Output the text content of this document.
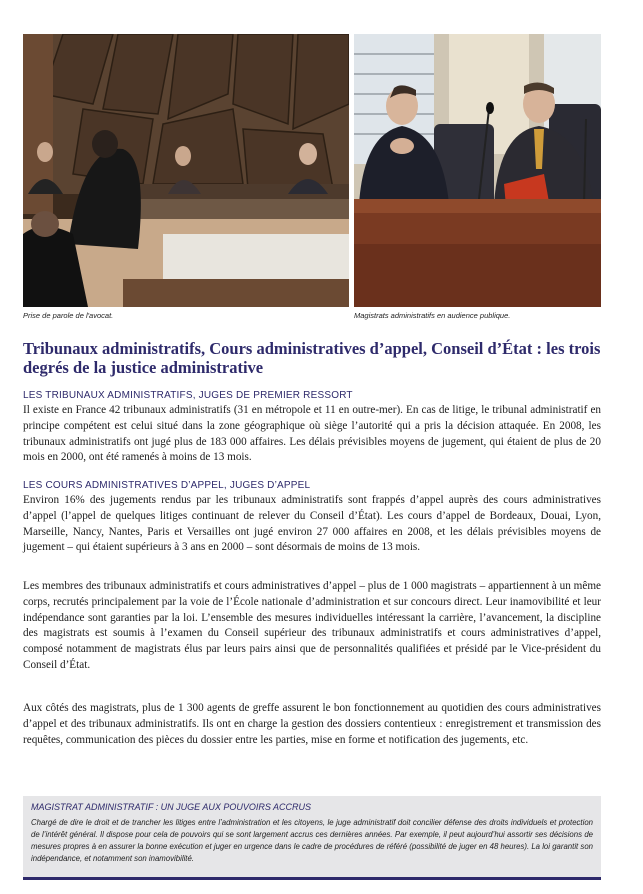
Prise de parole de l'avocat.	Magistrats administratifs en audience publique.
Tribunaux administratifs, Cours administratives d’appel, Conseil d’État : les trois degrés de la justice administrative
LES TRIBUNAUX ADMINISTRATIFS, JUGES DE PREMIER RESSORT

Il existe en France 42 tribunaux administratifs (31 en métropole et 11 en outre-mer). En cas de litige, le tribunal administratif en principe compétent est celui situé dans la zone géographique où siège l’autorité qui a pris la décision attaquée. En 2008, les tribunaux administratifs ont jugé plus de 183 000 affaires. Les délais prévisibles moyens de jugement, qui étaient de plus de 20 mois en 2000, ont été ramenés à moins de 13 mois.

LES COURS ADMINISTRATIVES D’APPEL, JUGES D’APPEL

Environ 16% des jugements rendus par les tribunaux administratifs sont frappés d’appel auprès des cours administratives d’appel (l’appel de quelques litiges continuant de relever du Conseil d’État). Les cours d’appel de Bordeaux, Douai, Lyon, Marseille, Nancy, Nantes, Paris et Versailles ont jugé environ 27 000 affaires en 2008, et les délais prévisibles moyens de jugement – qui étaient supérieurs à 3 ans en 2000 – sont désormais de moins de 13 mois.

Les membres des tribunaux administratifs et cours administratives d’appel – plus de 1 000 magistrats – appartiennent à un même corps, recrutés principalement par la voie de l’École nationale d’administration et sur concours direct. Leur inamovibilité et leur indépendance sont garanties par la loi. L’ensemble des mesures individuelles intéressant la carrière, l’avancement, la discipline des magistrats est soumis à l’examen du Conseil supérieur des tribunaux administratifs et cours administratives d’appel, composé notamment de magistrats élus par leurs pairs ainsi que de personnalités qualifiées et présidé par le Vice-président du Conseil d’État.

Aux côtés des magistrats, plus de 1 300 agents de greffe assurent le bon fonctionnement au quotidien des cours administratives d’appel et des tribunaux administratifs. Ils ont en charge la gestion des dossiers contentieux : enregistrement et transmission des requêtes, communication des pièces du dossier entre les parties, mise en forme et notification des jugements, etc.

MAGISTRAT ADMINISTRATIF : UN JUGE AUX POUVOIRS ACCRUS

Chargé de dire le droit et de trancher les litiges entre l’administration et les citoyens, le juge administratif doit concilier défense des droits individuels et protection de l’intérêt général. Il dispose pour cela de pouvoirs qui se sont largement accrus ces dernières années. Par exemple, il peut aujourd’hui assortir ses décisions de mesures propres à en assurer la bonne exécution et juger en urgence dans le cadre de procédures de référé (possibilité de juger en 48 heures). La loi garantit son indépendance, et notamment son inamovibilité.
